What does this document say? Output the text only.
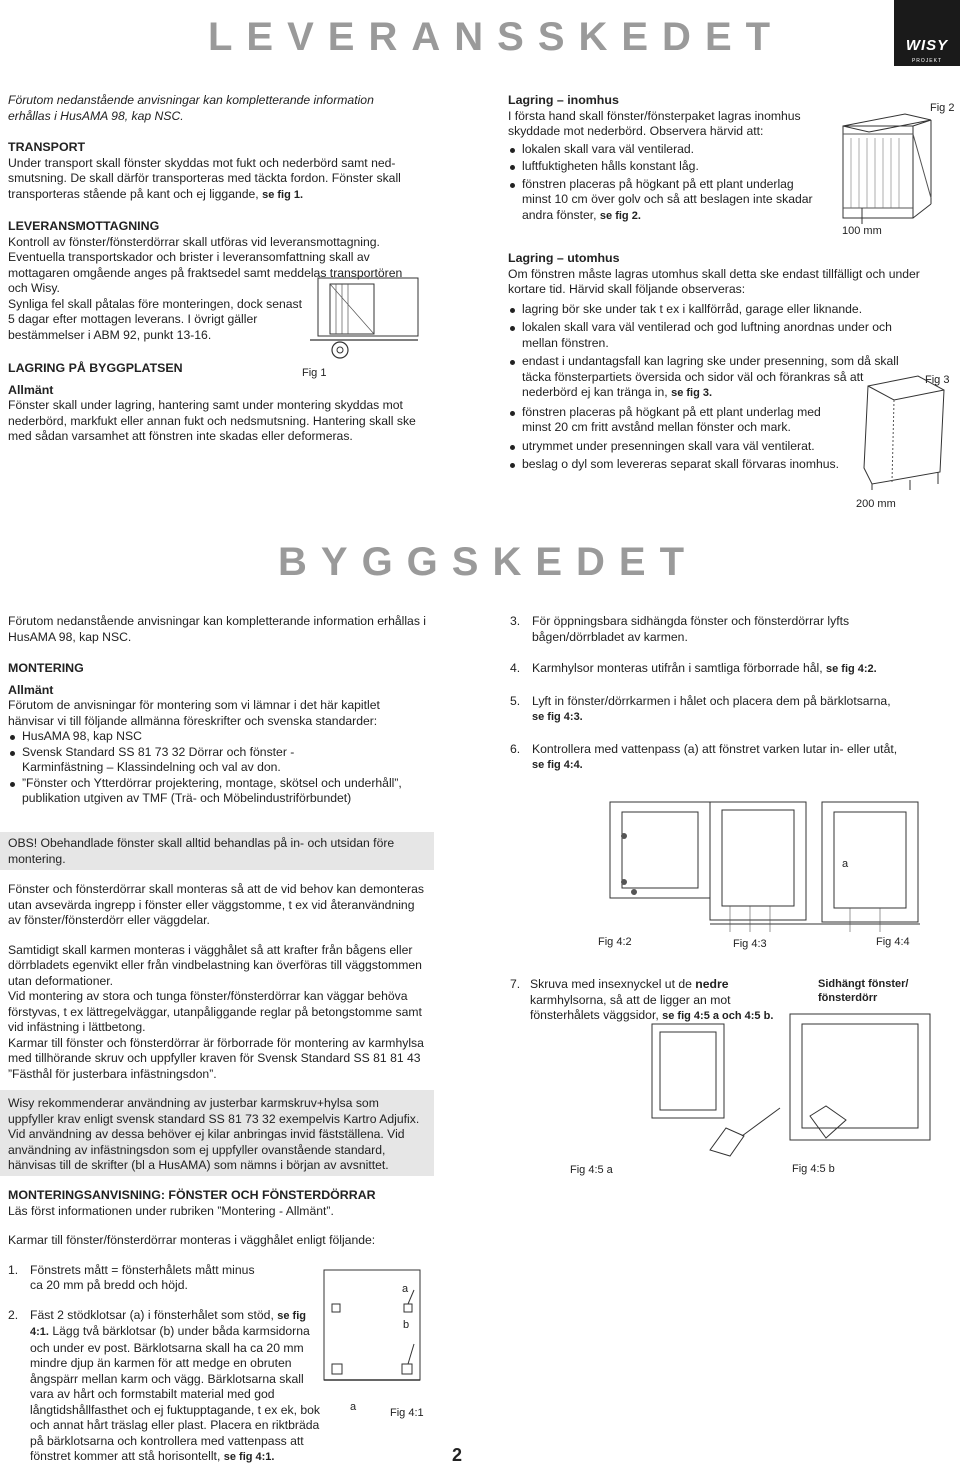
LEVERANSSKEDET	WISY
PROJEKT

Förutom nedanstående anvisningar kan kompletterande information erhållas i HusAMA 98, kap NSC.

TRANSPORT

Under transport skall fönster skyddas mot fukt och nederbörd samt ned-smutsning. De skall därför transporteras med täckta fordon. Fönster skall transporteras stående på kant och ej liggande, se fig 1.

LEVERANSMOTTAGNING

Kontroll av fönster/fönsterdörrar skall utföras vid leveransmottagning.

Eventuella transportskador och brister i leveransomfattning skall av mottagaren omgående anges på fraktsedel samt meddelas transportören och Wisy.

Synliga fel skall påtalas före monteringen, dock senast 5 dagar efter mottagen leverans. I övrigt gäller bestämmelser i ABM 92, punkt 13-16.

LAGRING PÅ BYGGPLATSEN

Allmänt

Fönster skall under lagring, hantering samt under montering skyddas mot nederbörd, markfukt eller annan fukt och nedsmutsning. Hantering skall ske med sådan varsamhet att fönstren inte skadas eller deformeras.

Fig 1

Lagring – inomhus

I första hand skall fönster/fönsterpaket lagras inomhus skyddade mot nederbörd. Observera härvid att:

lokalen skall vara väl ventilerad.
luftfuktigheten hålls konstant låg.
fönstren placeras på högkant på ett plant underlag minst 10 cm över golv och så att beslagen inte skadar andra fönster, se fig 2.
Fig 2
100 mm

Lagring – utomhus

Om fönstren måste lagras utomhus skall detta ske endast tillfälligt och under kortare tid. Härvid skall följande observeras:

lagring bör ske under tak t ex i kallförråd, garage eller liknande.
lokalen skall vara väl ventilerad och god luftning anordnas under och mellan fönstren.
endast i undantagsfall kan lagring ske under presenning, som då skall täcka fönsterpartiets översida och sidor väl och förankras så att nederbörd ej kan tränga in, se fig 3.
fönstren placeras på högkant på ett plant underlag med minst 20 cm fritt avstånd mellan fönster och mark.
utrymmet under presenningen skall vara väl ventilerat.
beslag o dyl som levereras separat skall förvaras inomhus.
Fig 3
200 mm
BYGGSKEDET

Förutom nedanstående anvisningar kan kompletterande information erhållas i HusAMA 98, kap NSC.

MONTERING

Allmänt

Förutom de anvisningar för montering som vi lämnar i det här kapitlet hänvisar vi till följande allmänna föreskrifter och svenska standarder:

HusAMA 98, kap NSC
Svensk Standard SS 81 73 32 Dörrar och fönster - Karminfästning – Klassindelning och val av don.
”Fönster och Ytterdörrar projektering, montage, skötsel och underhåll”, publikation utgiven av TMF (Trä- och Möbelindustriförbundet)

OBS! Obehandlade fönster skall alltid behandlas på in- och utsidan före montering.

Fönster och fönsterdörrar skall monteras så att de vid behov kan demonteras utan avsevärda ingrepp i fönster eller väggstomme, t ex vid återanvändning av fönster/fönsterdörr eller väggdelar.

Samtidigt skall karmen monteras i vägghålet så att krafter från bågens eller dörrbladets egenvikt eller från vindbelastning kan överföras till väggstommen utan deformationer.

Vid montering av stora och tunga fönster/fönsterdörrar kan väggar behöva förstyvas, t ex lättregelväggar, utanpåliggande reglar på betongstomme samt vid infästning i lättbetong.

Karmar till fönster och fönsterdörrar är förborrade för montering av karmhylsa med tillhörande skruv och uppfyller kraven för Svensk Standard SS 81 81 43 ”Fästhål för justerbara infästningsdon”.

Wisy rekommenderar användning av justerbar karmskruv+hylsa som uppfyller krav enligt svensk standard SS 81 73 32 exempelvis Kartro Adjufix. Vid användning av dessa behöver ej kilar anbringas invid fästställena. Vid användning av infästningsdon som ej uppfyller ovanstående standard, hänvisas till de skrifter (bl a HusAMA) som nämns i början av avsnittet.

MONTERINGSANVISNING: FÖNSTER OCH FÖNSTERDÖRRAR

Läs först informationen under rubriken ”Montering - Allmänt”.

Karmar till fönster/fönsterdörrar monteras i vägghålet enligt följande:

1. Fönstrets mått = fönsterhålets mått minus ca 20 mm på bredd och höjd.
2. Fäst 2 stödklotsar (a) i fönsterhålet som stöd, se fig 4:1. Lägg två bärklotsar (b) under båda karmsidorna och under ev post. Bärklotsarna skall ha ca 20 mm mindre djup än karmen för att medge en obruten ångspärr mellan karm och vägg. Bärklotsarna skall vara av hårt och formstabilt material med god långtidshållfasthet och ej fuktupptagande, t ex ek, bok och annat hårt träslag eller plast. Placera en riktbräda på bärklotsarna och kontrollera med vattenpass att fönstret kommer att stå horisontellt, se fig 4:1.
a
b
a	Fig 4:1
2
3. För öppningsbara sidhängda fönster och fönsterdörrar lyfts bågen/dörrbladet av karmen.
4. Karmhylsor monteras utifrån i samtliga förborrade hål, se fig 4:2.
5. Lyft in fönster/dörrkarmen i hålet och placera dem på bärklotsarna,
se fig 4:3.
6. Kontrollera med vattenpass (a) att fönstret varken lutar in- eller utåt,
se fig 4:4.
a
Fig 4:2	Fig 4:3	Fig 4:4
7. Skruva med insexnyckel ut de nedre karmhylsorna, så att de ligger an mot fönsterhålets väggsidor, se fig 4:5 a och 4:5 b.

Sidhängt fönster/ fönsterdörr
Fig 4:5 a	Fig 4:5 b
